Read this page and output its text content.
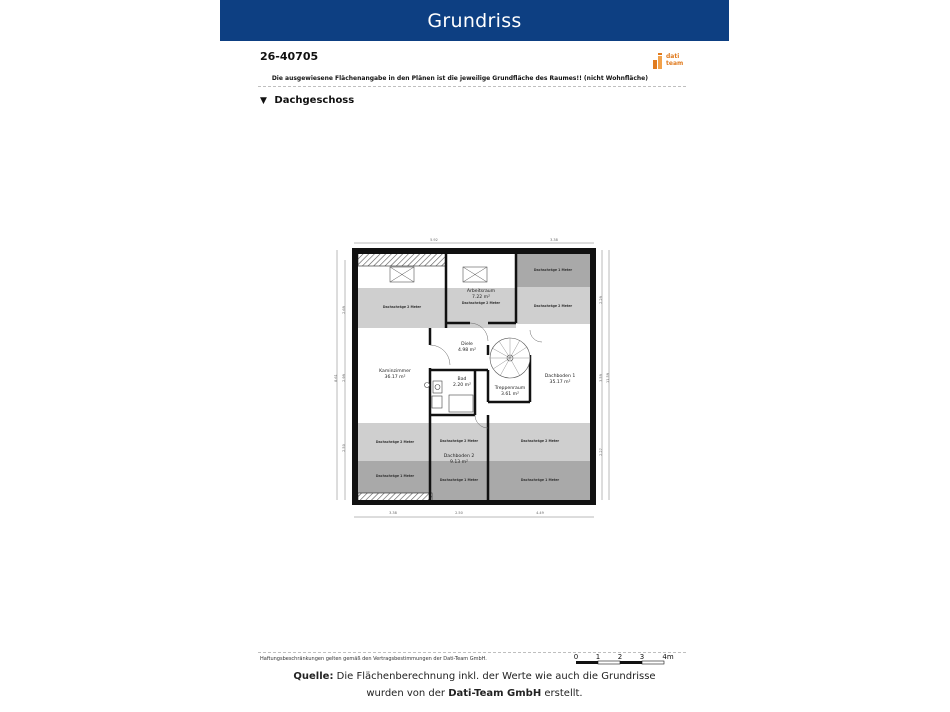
Grundriss
26-40705	dati
team
Die ausgewiesene Flächenangabe in den Plänen ist die jeweilige Grundfläche des Raumes!! (nicht Wohnfläche)
▼ Dachgeschoss
5.92	3.38
3.38	2.50	4.49
2.69
2.99
2.50
8.61
2.29
3.59
2.27
11.59
Dachschräge 2 Meter
Dachschräge 2 Meter
Dachschräge 1 Meter
Dachschräge 2 Meter
Dachschräge 2 Meter
Dachschräge 1 Meter
Dachschräge 2 Meter
Dachschräge 1 Meter
Dachschräge 2 Meter
Dachschräge 1 Meter
Arbeitsraum
7.22 m²
Diele
4.98 m²
Kaminzimmer
36.17 m²	Bad
2.20 m²
Treppenraum
3.61 m²
Dachboden 1
35.17 m²
Dachboden 2
9.13 m²
Haftungsbeschränkungen gelten gemäß den Vertragsbestimmungen der Dati-Team GmbH.	0	1	2	3	4m
Quelle: Die Flächenberechnung inkl. der Werte wie auch die Grundrisse
wurden von der Dati-Team GmbH erstellt.
